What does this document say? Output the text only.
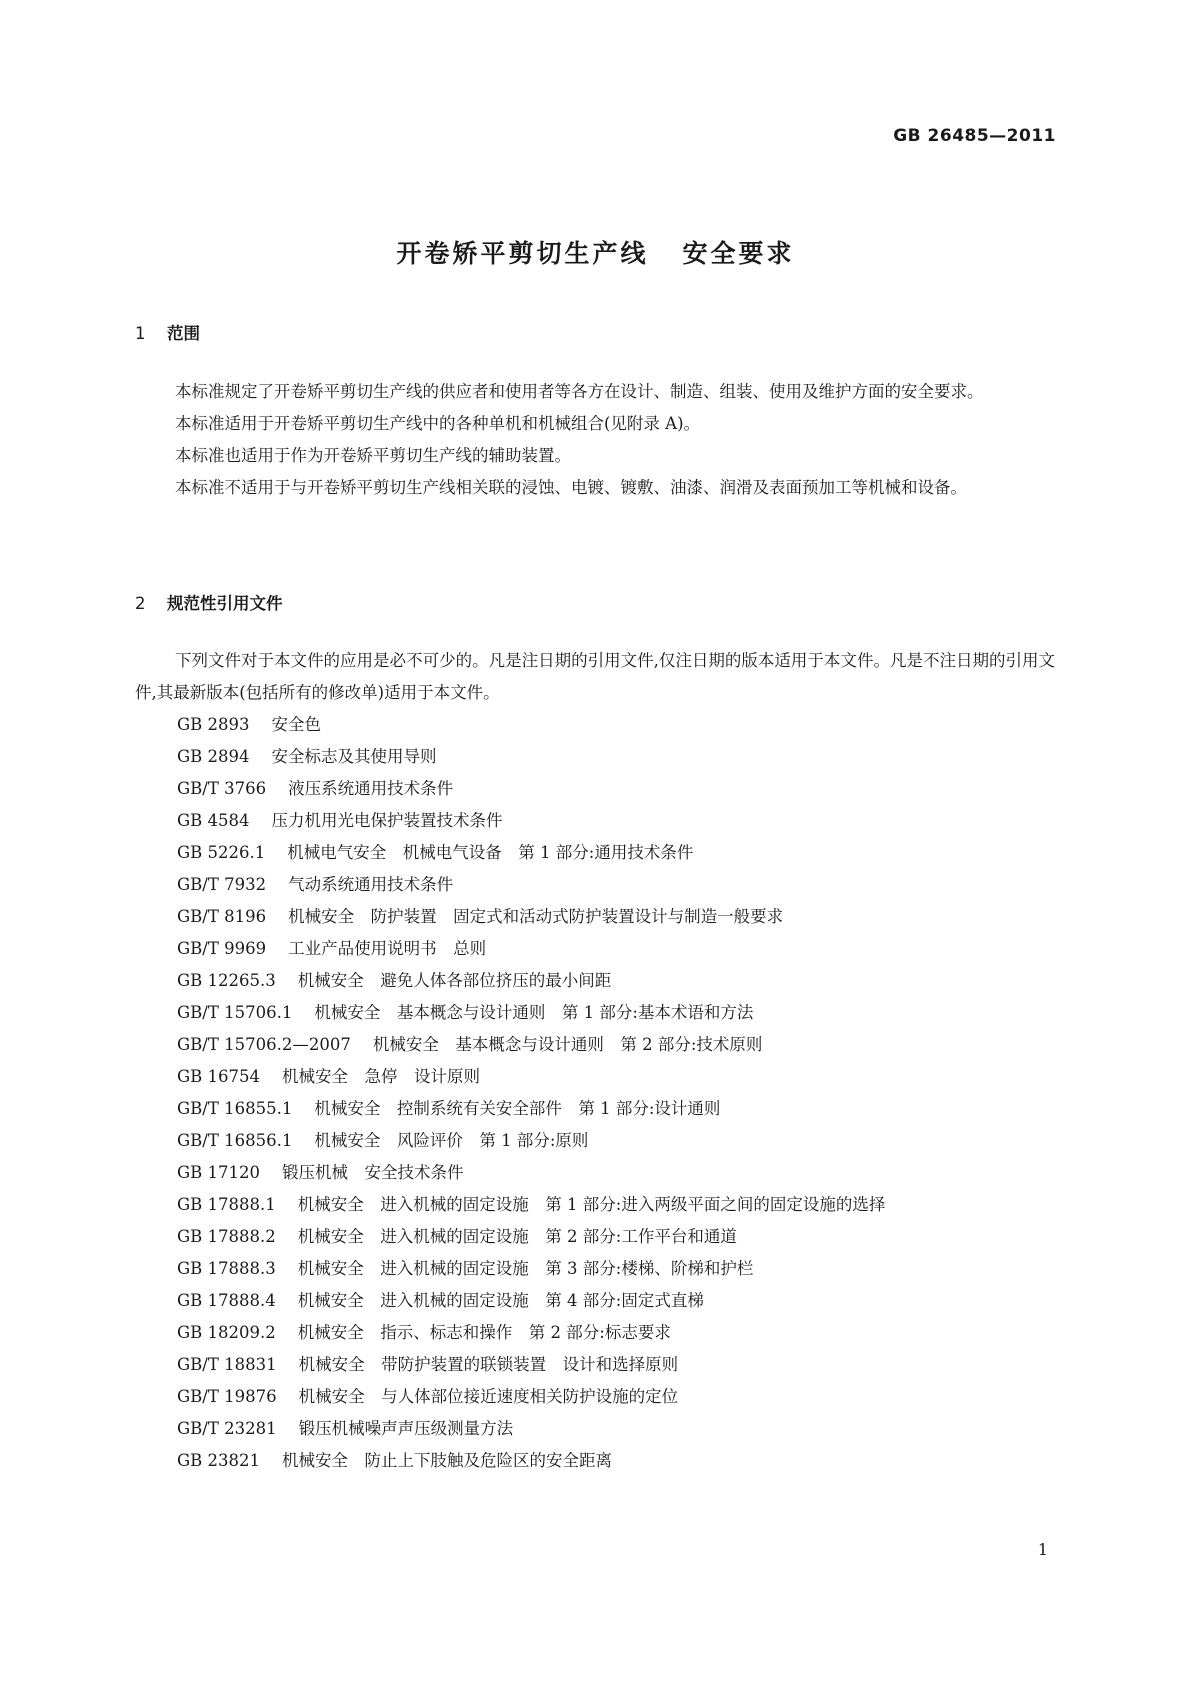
GB 26485—2011
开卷矫平剪切生产线 安全要求
1 范围

本标准规定了开卷矫平剪切生产线的供应者和使用者等各方在设计、制造、组装、使用及维护方面的安全要求。

本标准适用于开卷矫平剪切生产线中的各种单机和机械组合(见附录 A)。

本标准也适用于作为开卷矫平剪切生产线的辅助装置。

本标准不适用于与开卷矫平剪切生产线相关联的浸蚀、电镀、镀敷、油漆、润滑及表面预加工等机械和设备。

2 规范性引用文件

下列文件对于本文件的应用是必不可少的。凡是注日期的引用文件,仅注日期的版本适用于本文件。凡是不注日期的引用文件,其最新版本(包括所有的修改单)适用于本文件。

GB 2893 安全色
GB 2894 安全标志及其使用导则
GB/T 3766 液压系统通用技术条件
GB 4584 压力机用光电保护装置技术条件
GB 5226.1 机械电气安全　机械电气设备　第 1 部分:通用技术条件
GB/T 7932 气动系统通用技术条件
GB/T 8196 机械安全　防护装置　固定式和活动式防护装置设计与制造一般要求
GB/T 9969 工业产品使用说明书　总则
GB 12265.3 机械安全　避免人体各部位挤压的最小间距
GB/T 15706.1 机械安全　基本概念与设计通则　第 1 部分:基本术语和方法
GB/T 15706.2—2007 机械安全　基本概念与设计通则　第 2 部分:技术原则
GB 16754 机械安全　急停　设计原则
GB/T 16855.1 机械安全　控制系统有关安全部件　第 1 部分:设计通则
GB/T 16856.1 机械安全　风险评价　第 1 部分:原则
GB 17120 锻压机械　安全技术条件
GB 17888.1 机械安全　进入机械的固定设施　第 1 部分:进入两级平面之间的固定设施的选择
GB 17888.2 机械安全　进入机械的固定设施　第 2 部分:工作平台和通道
GB 17888.3 机械安全　进入机械的固定设施　第 3 部分:楼梯、阶梯和护栏
GB 17888.4 机械安全　进入机械的固定设施　第 4 部分:固定式直梯
GB 18209.2 机械安全　指示、标志和操作　第 2 部分:标志要求
GB/T 18831 机械安全　带防护装置的联锁装置　设计和选择原则
GB/T 19876 机械安全　与人体部位接近速度相关防护设施的定位
GB/T 23281 锻压机械噪声声压级测量方法
GB 23821 机械安全　防止上下肢触及危险区的安全距离
1
